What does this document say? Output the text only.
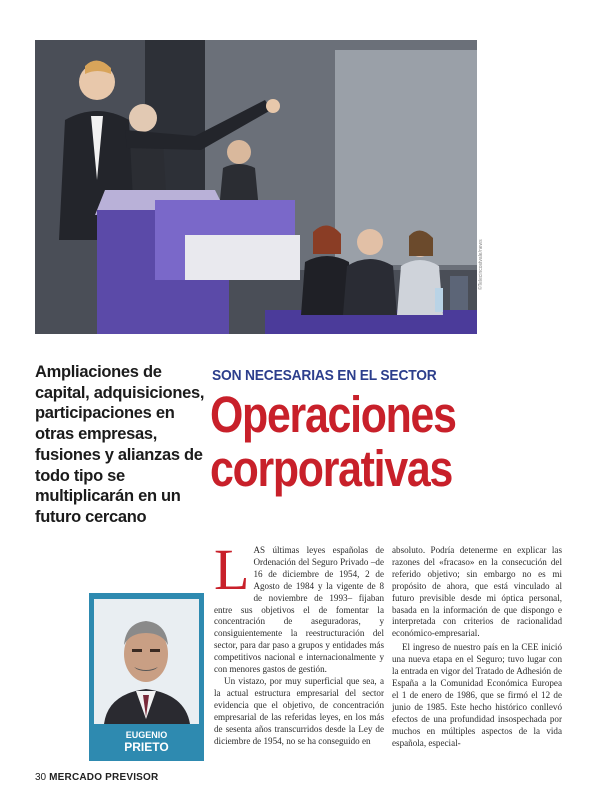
©Telecincostvale/news
Ampliaciones de capital, adquisiciones, participaciones en otras empresas, fusiones y alianzas de todo tipo se multiplicarán en un futuro cercano
SON NECESARIAS EN EL SECTOR
Operaciones
corporativas
EUGENIO
PRIETO
L AS últimas leyes españolas de Ordenación del Seguro Privado –de 16 de diciembre de 1954, 2 de Agosto de 1984 y la vigente de 8 de noviembre de 1993– fijaban entre sus objetivos el de fomentar la concentración de aseguradoras, y consiguientemente la reestructuración del sector, para dar paso a grupos y entidades más competitivos nacional e internacionalmente y con menores gastos de gestión.

Un vistazo, por muy superficial que sea, a la actual estructura empresarial del sector evidencia que el objetivo, de concentración empresarial de las referidas leyes, en los más de sesenta años transcurridos desde la Ley de diciembre de 1954, no se ha conseguido en

absoluto. Podría detenerme en explicar las razones del «fracaso» en la consecución del referido objetivo; sin embargo no es mi propósito de ahora, que está vinculado al futuro previsible desde mi óptica personal, basada en la información de que dispongo e interpretada con criterios de racionalidad económico-empresarial.

El ingreso de nuestro país en la CEE inició una nueva etapa en el Seguro; tuvo lugar con la entrada en vigor del Tratado de Adhesión de España a la Comunidad Económica Europea el 1 de enero de 1986, que se firmó el 12 de junio de 1985. Este hecho histórico conllevó efectos de una profundidad insospechada por muchos en múltiples aspectos de la vida española, especial-

30 MERCADO PREVISOR
